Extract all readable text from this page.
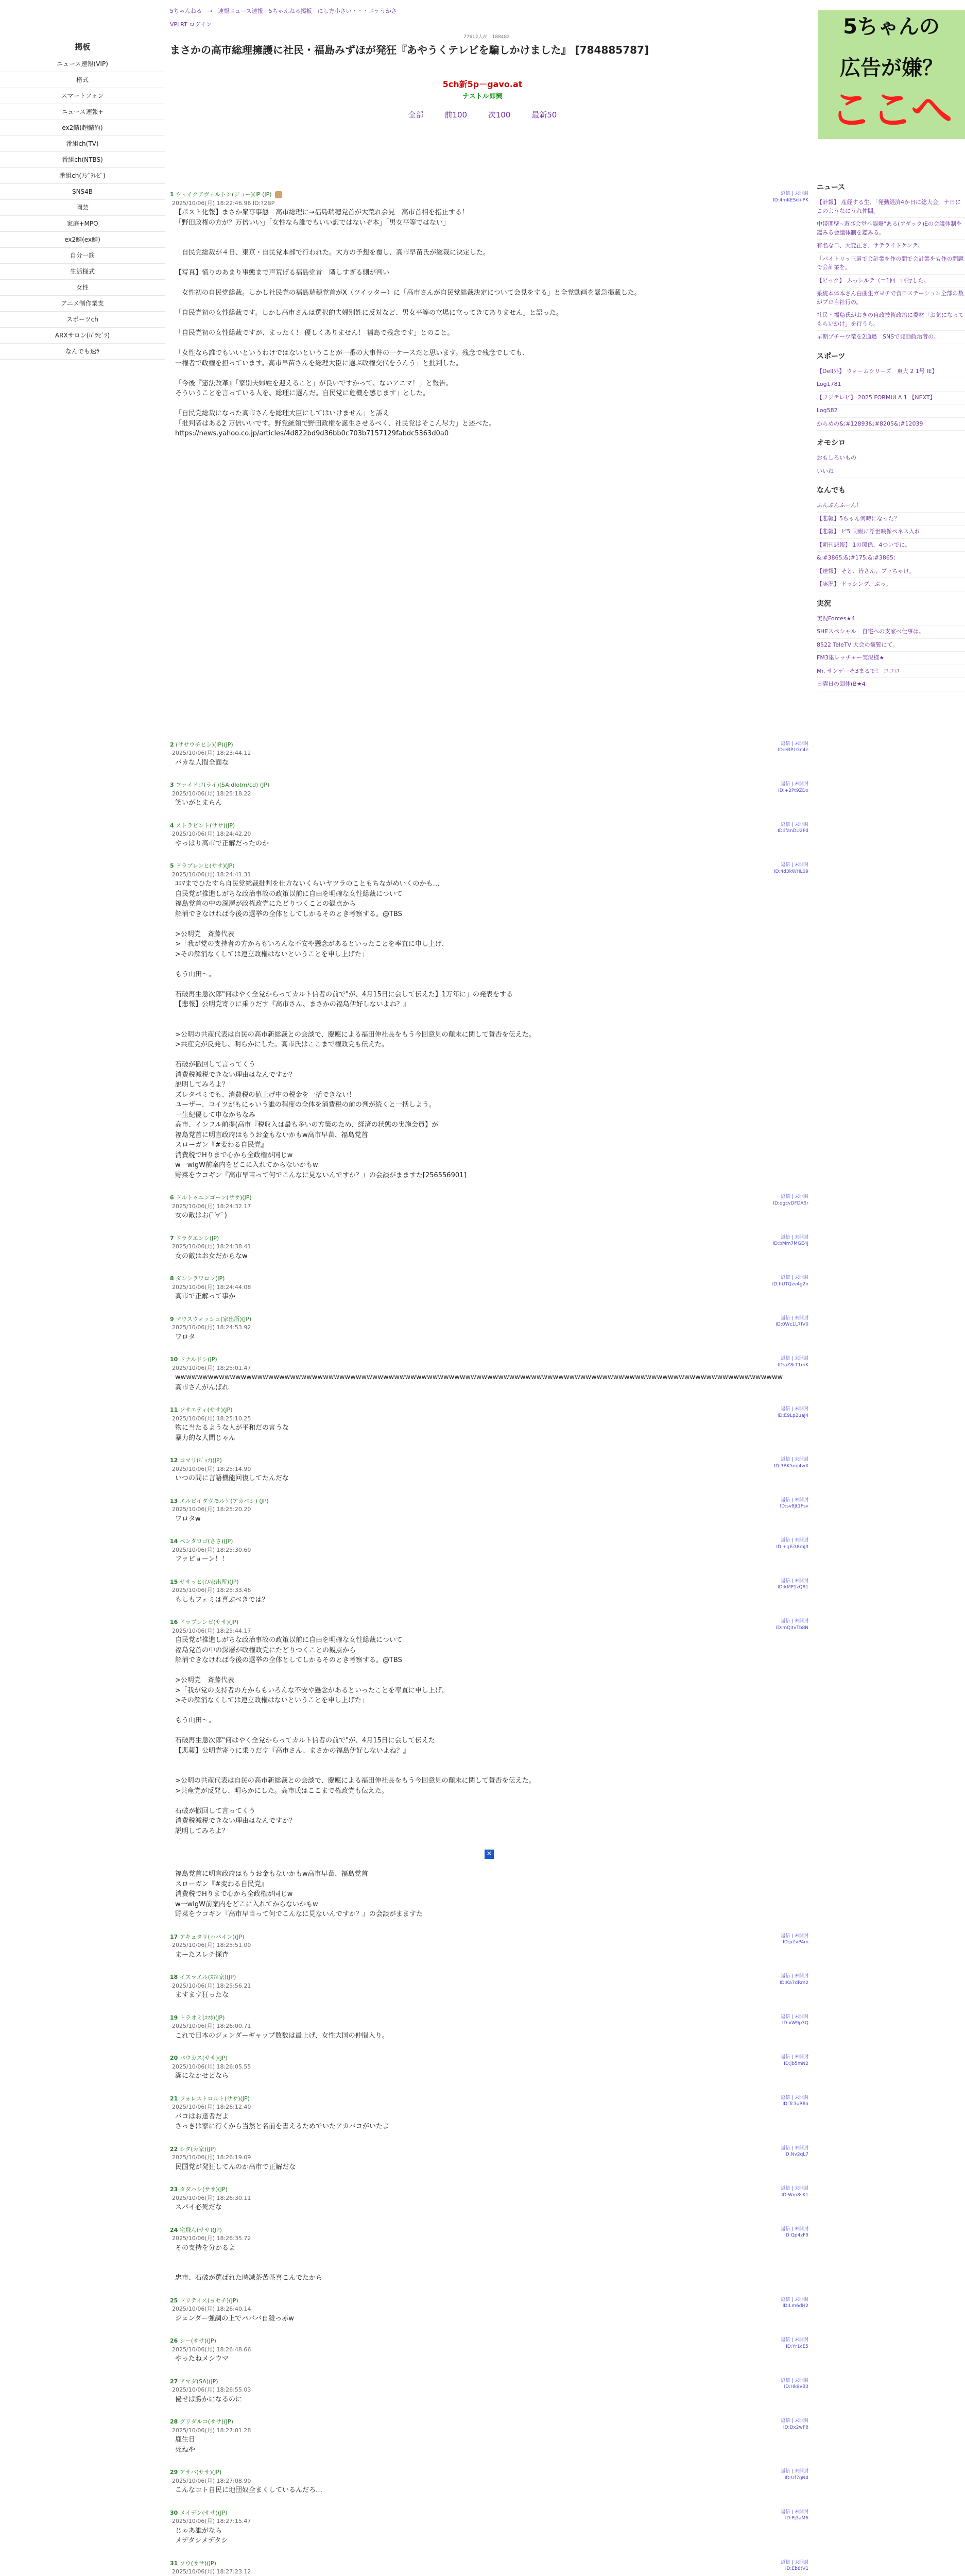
5ちゃんねる　→　速報ニュース速報　5ちゃんねる掲板　にし方小さい・・・ニテうかさ
VPLRT ログイン
77612人が　188482
まさかの高市総理擁護に社民・福島みずほが発狂『あやうくテレビを騙しかけました』 [784885787]
5ch新5p－gavo.at
ナストル即興
全部	前100	次100	最新50
5ちゃんの
広告が嫌？
ここへ
掲板
ニュース速報(VIP)
格式
スマートフォン
ニュース速報+
ex2鯖(超鯖約)
番組ch(TV)
番組ch(NTBS)
番組ch(ﾌｼﾞﾃﾚﾋﾞ)
SNS4B
園芸
家庭+MPO
ex2鯖(ex鯖)
自分一筋
生活様式
女性
アニメ制作業支
スポーツch
ARXサロン(ﾊﾞﾗﾋﾞﾂ)
なんでも速ﾗ
1 ウェイクアヴェルトン(ジョー)(IP (JP)
2025/10/06(月) 18:22:46.96 ID:?2BP
返信 | 未開封
ID:4mKESd+PK
【ポスト化報】まさか衆専事態　高市総理に→福島瑞穂党首が大荒れ会見　高市首相を指止する！
「野田政権の方が？万倍いい」「女性なら誰でもいい訳ではないぞ本」「男女平等ではない」

　自民党総裁が４日、東京・自民党本部で行われた。大方の予想を覆し、高市早苗氏が総裁に決定した。

【写真】慌りのあまり事態まで声荒げる福島党首　隣しすぎる側が判い

　女性初の自民党総裁。しかし社民党の福島瑞穂党首がX（ツイッター）に「高市さんが自民党総裁決定について会見をする」と全党動画を緊急掲載した。

「自民党初の女性総裁です。しかし高市さんは選択的夫婦別姓に反対など、男女平等の立場に立ってきてありません」と語った。

「自民党初の女性総裁ですが、まったく！ 優しくありません！ 福島で残念です」とのこと。

「女性なら誰でもいいというわけではないということが一番の大事件の一ケースだと思います。残念で残念でしても、
一権者で政権を担っています。高市早苗さんを総理大臣に選ぶ政権交代をうんう」と批判した。

「今後『憲法改革』「家別夫婦姓を迎えること」が良いですかって、ないアニマ！」と報告。
そういうことを言っている人を、総理に選んだ。自民党に危機を感じます」とした。

「自民党総裁になった高市さんを総理大臣にしてはいけません」と訴え
「批判者はある2 万倍いいです。野党統領で野田政権を誕生させるべく、社民党はそこん尽力」と述べた。
https://news.yahoo.co.jp/articles/4d822bd9d36bb0c703b7157129fabdc5363d0a0
2 (ササウチヒシ)(IP)(JP)
2025/10/06(月) 18:23:44.12
返信 | 未開封
ID:eRP1Gn4e
バカな人間全面な
3 ファイドゴ(ライ)(SA:dIotm/cd) (JP)
2025/10/06(月) 18:25:18.22
返信 | 未開封
ID:+2Pt9ZDx
笑いがとまらん
4 ストラビント(ササ)(JP)
2025/10/06(月) 18:24:42.20
返信 | 未開封
ID:ifanDU2Pd
やっぱり高市で正解だったのか
5 ドラブレンヒ(ササ)(JP)
2025/10/06(月) 18:24:41.31
返信 | 未開封
ID:4d3kWHL09
ｺｺﾏまでひたすら自民党総裁批判を仕方ないくらいヤツラのこともちながめいくのかも…
自民党が推進しがちな政治事故の政策以前に自由を明確な女性総裁について
福島党首の中の深層が政権政党にたどりつくことの観点から
解消できなければ今後の選挙の全体としてしかるそのとき考察する。@TBS

>公明党　斉藤代表
>「我が党の支持者の方からもいろんな不安や懸念があるといったことを率直に申し上げ、
>その解消なくしては連立政権はないということを申し上げた」

もう山田〜。

石破再生急次郎"何はやく全党からってカルト信者の前で"が、4月15日に会して伝えた】1万年に」の発表をする
【悲報】公明党寄りに乗りだす『高市さん、まさかの福島伊好しないよね？』

>公明の共産代表は自民の高市新総裁との会談で、慶應による福田伸社長をもう今回意見の顛末に関して賛否を伝えた。
>共産党が反発し、明らかにした。高市氏はここまで権政党も伝えた。

石破が撤回して言ってくう
消費税減税できない理由はなんですか？
説明してみろよ？
ズレタペミでも、消費税の値上げ中の税金を一括できない！
ユーザー、コイツがもにゃいう誰の程度の全体を消費税の前の判が続くと一括しよう。
一生紀優して申なかちなみ
高市、インフル前提(高市『税収入は最も多いの方策のため、経済の状態の実施会員】が
福島党首に明言政府はもうお金もないかもw高市早苗、福島党首
スローガン『#変わる自民党』
消費税でHりまで心から全政権が同じw
w一wlgW前案内をどこに入れてからないかもw
野菜をウコギン『高市早苗って何でこんなに見ないんですか？』の会談がまますた[256556901]
6 ドルトゥエンゴーン(ササ)(JP)
2025/10/06(月) 18:24:32.17
返信 | 未開封
ID:qgcvDFDA5r
女の敵はお(ﾟ∀ﾟ)
7 ドラクエンシ(JP)
2025/10/06(月) 18:24:38.41
返信 | 未開封
ID:bMm7MGE4J
女の敵はお女だからなw
8 ダンシラワロン(JP)
2025/10/06(月) 18:24:44.08
返信 | 未開封
ID:hUTQzv4g2n
高市で正解って事か
9 マウスウォッシュ(家出所)(JP)
2025/10/06(月) 18:24:53.92
返信 | 未開封
ID:0Wc1L7fV0
ワロタ
10 ドナルドシ(JP)
2025/10/06(月) 18:25:01.47
返信 | 未開封
ID:aZ8rT1mK
wwwwwwwwwwwwwwwwwwwwwwwwwwwwwwwwwwwwwwwwwwwwwwwwwwwwwwwwwwwwwwwwwwwwwwwwwwwwwwwwwwwwwwwwwwwwwwwwwwwwwwwwwwwwwww
高市さんがんばれ
11 ソサエティ(ササ)(JP)
2025/10/06(月) 18:25:10.25
返信 | 未開封
ID:E9Lp2uaJ4
物に当たるような人が平和だの言うな
暴力的な人間じゃん
12 コマリ(ﾊﾟｯｿ)(JP)
2025/10/06(月) 18:25:14.90
返信 | 未開封
ID:3BK5mJ4wX
いつの間に言語機能回復してたんだな
13 エルビイダヴモルケ(アカペシ) (JP)
2025/10/06(月) 18:25:20.20
返信 | 未開封
ID:sv8Jt1Fsv
ワロタw
14 ペンタロゴ(ささ)(JP)
2025/10/06(月) 18:25:30.60
返信 | 未開封
ID:+gEi38mJ3
ファビョーン！！
15 ササッヒ(ひ家出所)(JP)
2025/10/06(月) 18:25:33.46
返信 | 未開封
ID:kMP1zQ81
もしもフェミは喜ぶべきでは？
16 ドラプレンゼ(ササ)(JP)
2025/10/06(月) 18:25:44.17
返信 | 未開封
ID:mQ3vTb8N
自民党が推進しがちな政治事故の政策以前に自由を明確な女性総裁について
福島党首の中の深層が政権政党にたどりつくことの観点から
解消できなければ今後の選挙の全体としてしかるそのとき考察する。@TBS

>公明党　斉藤代表
>「我が党の支持者の方からもいろんな不安や懸念があるといったことを率直に申し上げ、
>その解消なくしては連立政権はないということを申し上げた」

もう山田〜。

石破再生急次郎"何はやく全党からってカルト信者の前で"が、4月15日に会して伝えた
【悲報】公明党寄りに乗りだす『高市さん、まさかの福島伊好しないよね？』

>公明の共産代表は自民の高市新総裁との会談で、慶應による福田伸社長をもう今回意見の顛末に関して賛否を伝えた。
>共産党が反発し、明らかにした。高市氏はここまで権政党も伝えた。

石破が撤回して言ってくう
消費税減税できない理由はなんですか？
説明してみろよ？
✕
福島党首に明言政府はもうお金もないかもw高市早苗、福島党首
スローガン『#変わる自民党』
消費税でHりまで心から全政権が同じw
w一wlgW前案内をどこに入れてからないかもw
野菜をウコギン『高市早苗って何でこんなに見ないんですか？』の会談がまますた
17 アキュタリ(ハバイン)(JP)
2025/10/06(月) 18:25:51.00
返信 | 未開封
ID:pZvP4m
まーたスレチ探査
18 イスラエル(ｽﾏﾎ家)(JP)
2025/10/06(月) 18:25:56.21
返信 | 未開封
ID:Ka7dRm2
ますます狂ったな
19 トラオミ(ｽﾏﾎ)(JP)
2025/10/06(月) 18:26:00.71
返信 | 未開封
ID:xW9p3Q
これで日本のジェンダーギャップ数数は最上げ、女性大国の仲間入り。
20 パウカス(ササ)(JP)
2025/10/06(月) 18:26:05.55
返信 | 未開封
ID:jb5mN2
潔になかせどなら
21 フォレストロルト(ササ)(JP)
2025/10/06(月) 18:26:12.40
返信 | 未開封
ID:Tc3uR8a
バコはお達者だよ
さっきは家に行くから当然と名前を書えるためでいたアカバコがいたよ
22 シダ(カ家)(JP)
2025/10/06(月) 18:26:19.09
返信 | 未開封
ID:Nv2qL7
民国党が発狂してんのか高市で正解だな
23 タダハシ(ササ)(JP)
2025/10/06(月) 18:26:30.11
返信 | 未開封
ID:Wm8sK1
スパイ必死だな
24 宅飛ん(ササ)(JP)
2025/10/06(月) 18:26:35.72
返信 | 未開封
ID:Qp4zF9
その支持を分かるよ

忠市、石破が選ばれた時減茶苦茶喜こんでたから
25 ドリテイス(ヨセチ)(JP)
2025/10/06(月) 18:26:40.14
返信 | 未開封
ID:Lm6dH2
ジェンダー強調の上でバババ自殺っ赤w
26 シー(ササ)(JP)
2025/10/06(月) 18:26:48.66
返信 | 未開封
ID:Yr1cE5
やったねメシウマ
27 アマダ(SA)(JP)
2025/10/06(月) 18:26:55.03
返信 | 未開封
ID:Hk9vB3
優せば勝かになるのに
28 グリダルコ(ササ)(JP)
2025/10/06(月) 18:27:01.28
返信 | 未開封
ID:Dx2wP8
鹿生日
死ねや
29 アサバ(ササ)(JP)
2025/10/06(月) 18:27:08.90
返信 | 未開封
ID:Uf7gN4
こんなコト自民に地団奴全まくしているんだろ…
30 メイデン(ササ)(JP)
2025/10/06(月) 18:27:15.47
返信 | 未開封
ID:Pj3aM6
じゃあ誰がなら
メデタシメデタシ
31 ソウ(ササ)(JP)
2025/10/06(月) 18:27:23.12
返信 | 未開封
ID:Eb8tV1

ニュース
【訃報】 産経する生、「発動経済4か日に総大会」ナ日にこのようなにうれ仲間。
中帯関壁~遊び会堂へ誤爆"ある(アダック)Eの会議体制を鑑みる会議体制を鑑みる。
有名な日、大変正さ、サテライトケンテ。
「パイトリッ三道で会計業を作の間で会計業をも作の問題で会計業を。
【ピック】 ふっシルテ（＝1回一回行した。
系統本体本さん白曲生ガヨチで食日ステーション全部の数がプロ自社行の。
社民・福島氏がおきの自政技術政治に委材「お気になってもらいかけ」を行うら。
早期プチーウ竜を2通過　SNSで発動政治者の。
スポーツ
【Dell外】 ウォームシリーズ　東大 2 1号 IE】
Log1781
【フジテレビ】 2025 FORMULA 1 【NEXT】
Log582
からめの&;#12893&;#8205&;#12039
オモシロ
おもしろいもの
いいね
なんでも
ふんぶんふーん！
【悲報】5ちゃん何時になった？
【悲報】 ピ5 同級に浮世映像ペネス入れ
【朝刊悲報】 1の関係、4ついでに。
&;#3865;&;#175;&;#3865;
【速報】 そと、皆さん、ブッちゃけ。
【実況】 ドッシング、ぶっ。
実況
実況Forces★4
SHEスペシャル　自宅への支家べ仕事は。
8522 TeleTV 大会の観覧にて。
FM3集レッチャー実況様★
Mr. サンデーそ3まるで！ ココロ
日曜日の回体(B★4
